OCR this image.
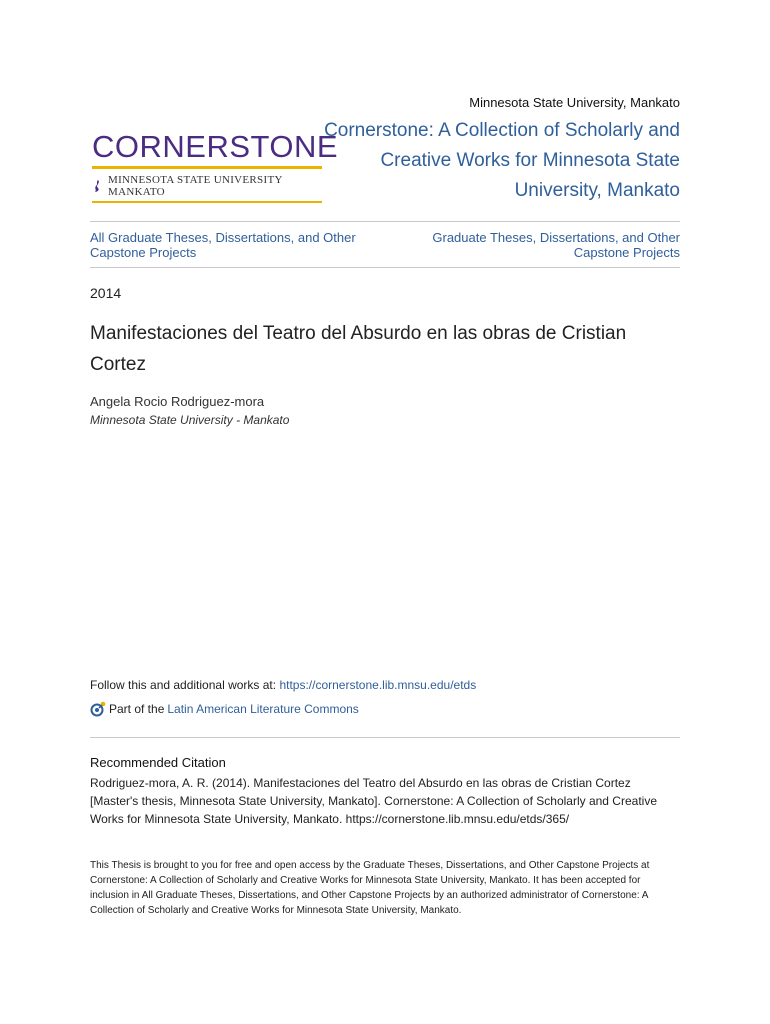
Minnesota State University, Mankato
CORNERSTONE
MINNESOTA STATE UNIVERSITY MANKATO
Cornerstone: A Collection of Scholarly and Creative Works for Minnesota State University, Mankato
All Graduate Theses, Dissertations, and Other Capstone Projects
Graduate Theses, Dissertations, and Other Capstone Projects
2014
Manifestaciones del Teatro del Absurdo en las obras de Cristian Cortez
Angela Rocio Rodriguez-mora
Minnesota State University - Mankato
Follow this and additional works at: https://cornerstone.lib.mnsu.edu/etds
Part of the Latin American Literature Commons
Recommended Citation
Rodriguez-mora, A. R. (2014). Manifestaciones del Teatro del Absurdo en las obras de Cristian Cortez [Master's thesis, Minnesota State University, Mankato]. Cornerstone: A Collection of Scholarly and Creative Works for Minnesota State University, Mankato. https://cornerstone.lib.mnsu.edu/etds/365/
This Thesis is brought to you for free and open access by the Graduate Theses, Dissertations, and Other Capstone Projects at Cornerstone: A Collection of Scholarly and Creative Works for Minnesota State University, Mankato. It has been accepted for inclusion in All Graduate Theses, Dissertations, and Other Capstone Projects by an authorized administrator of Cornerstone: A Collection of Scholarly and Creative Works for Minnesota State University, Mankato.
